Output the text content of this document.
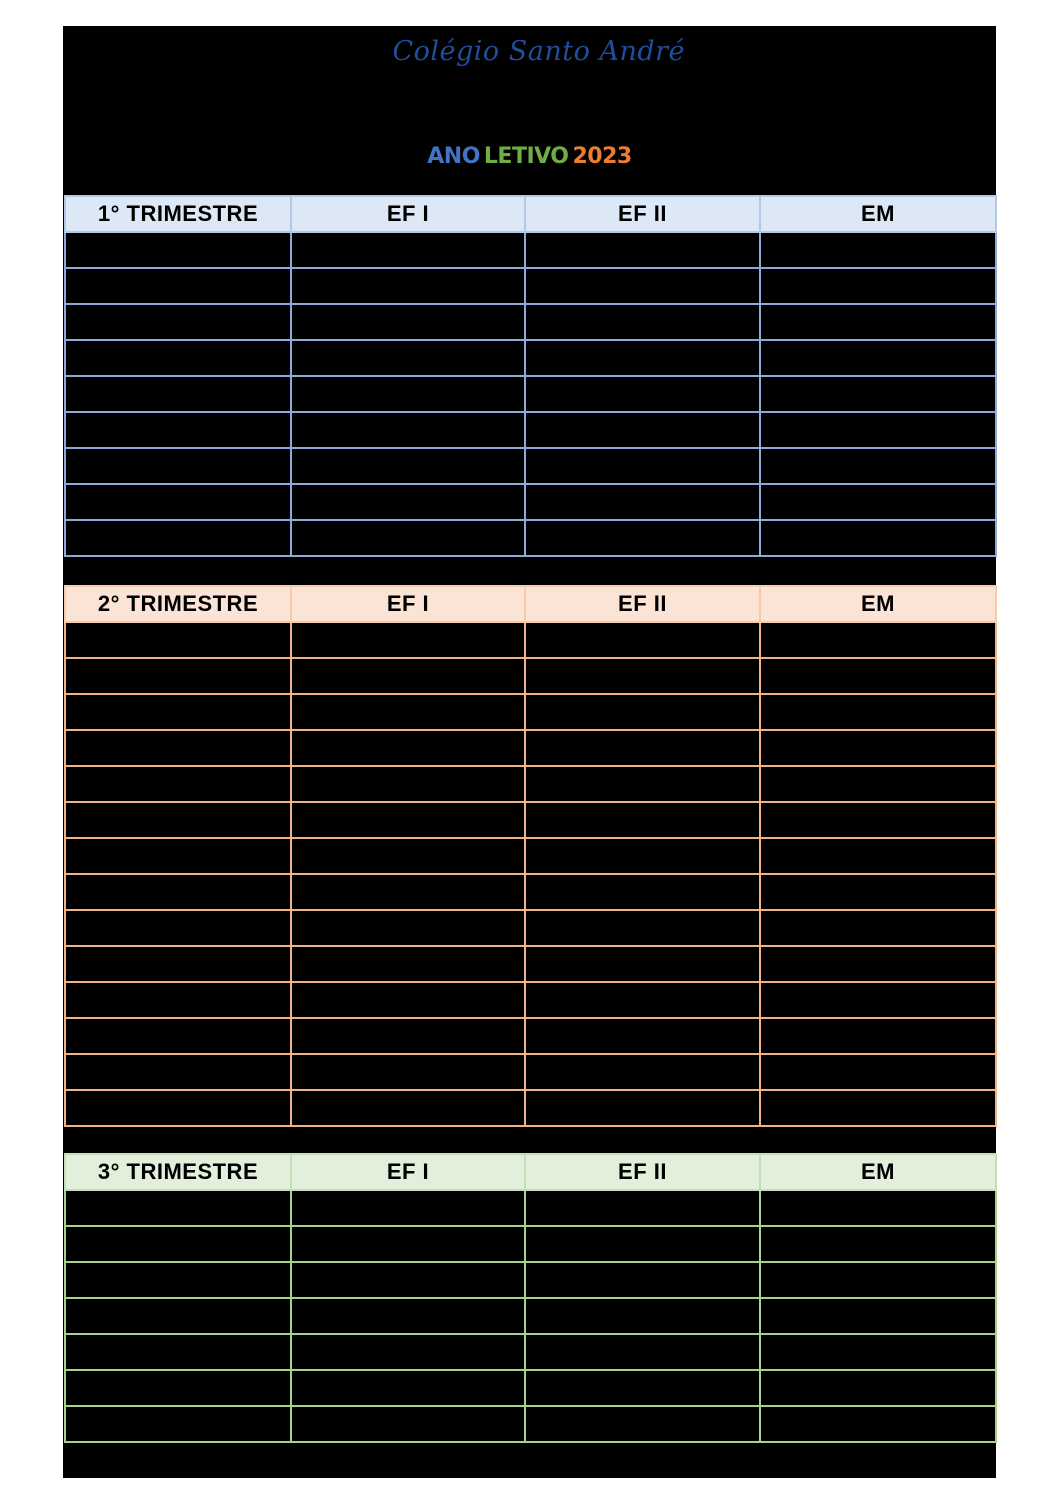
Colégio Santo André
ANO LETIVO 2023
1° TRIMESTRE	EF I	EF II	EM

2° TRIMESTRE	EF I	EF II	EM

3° TRIMESTRE	EF I	EF II	EM
